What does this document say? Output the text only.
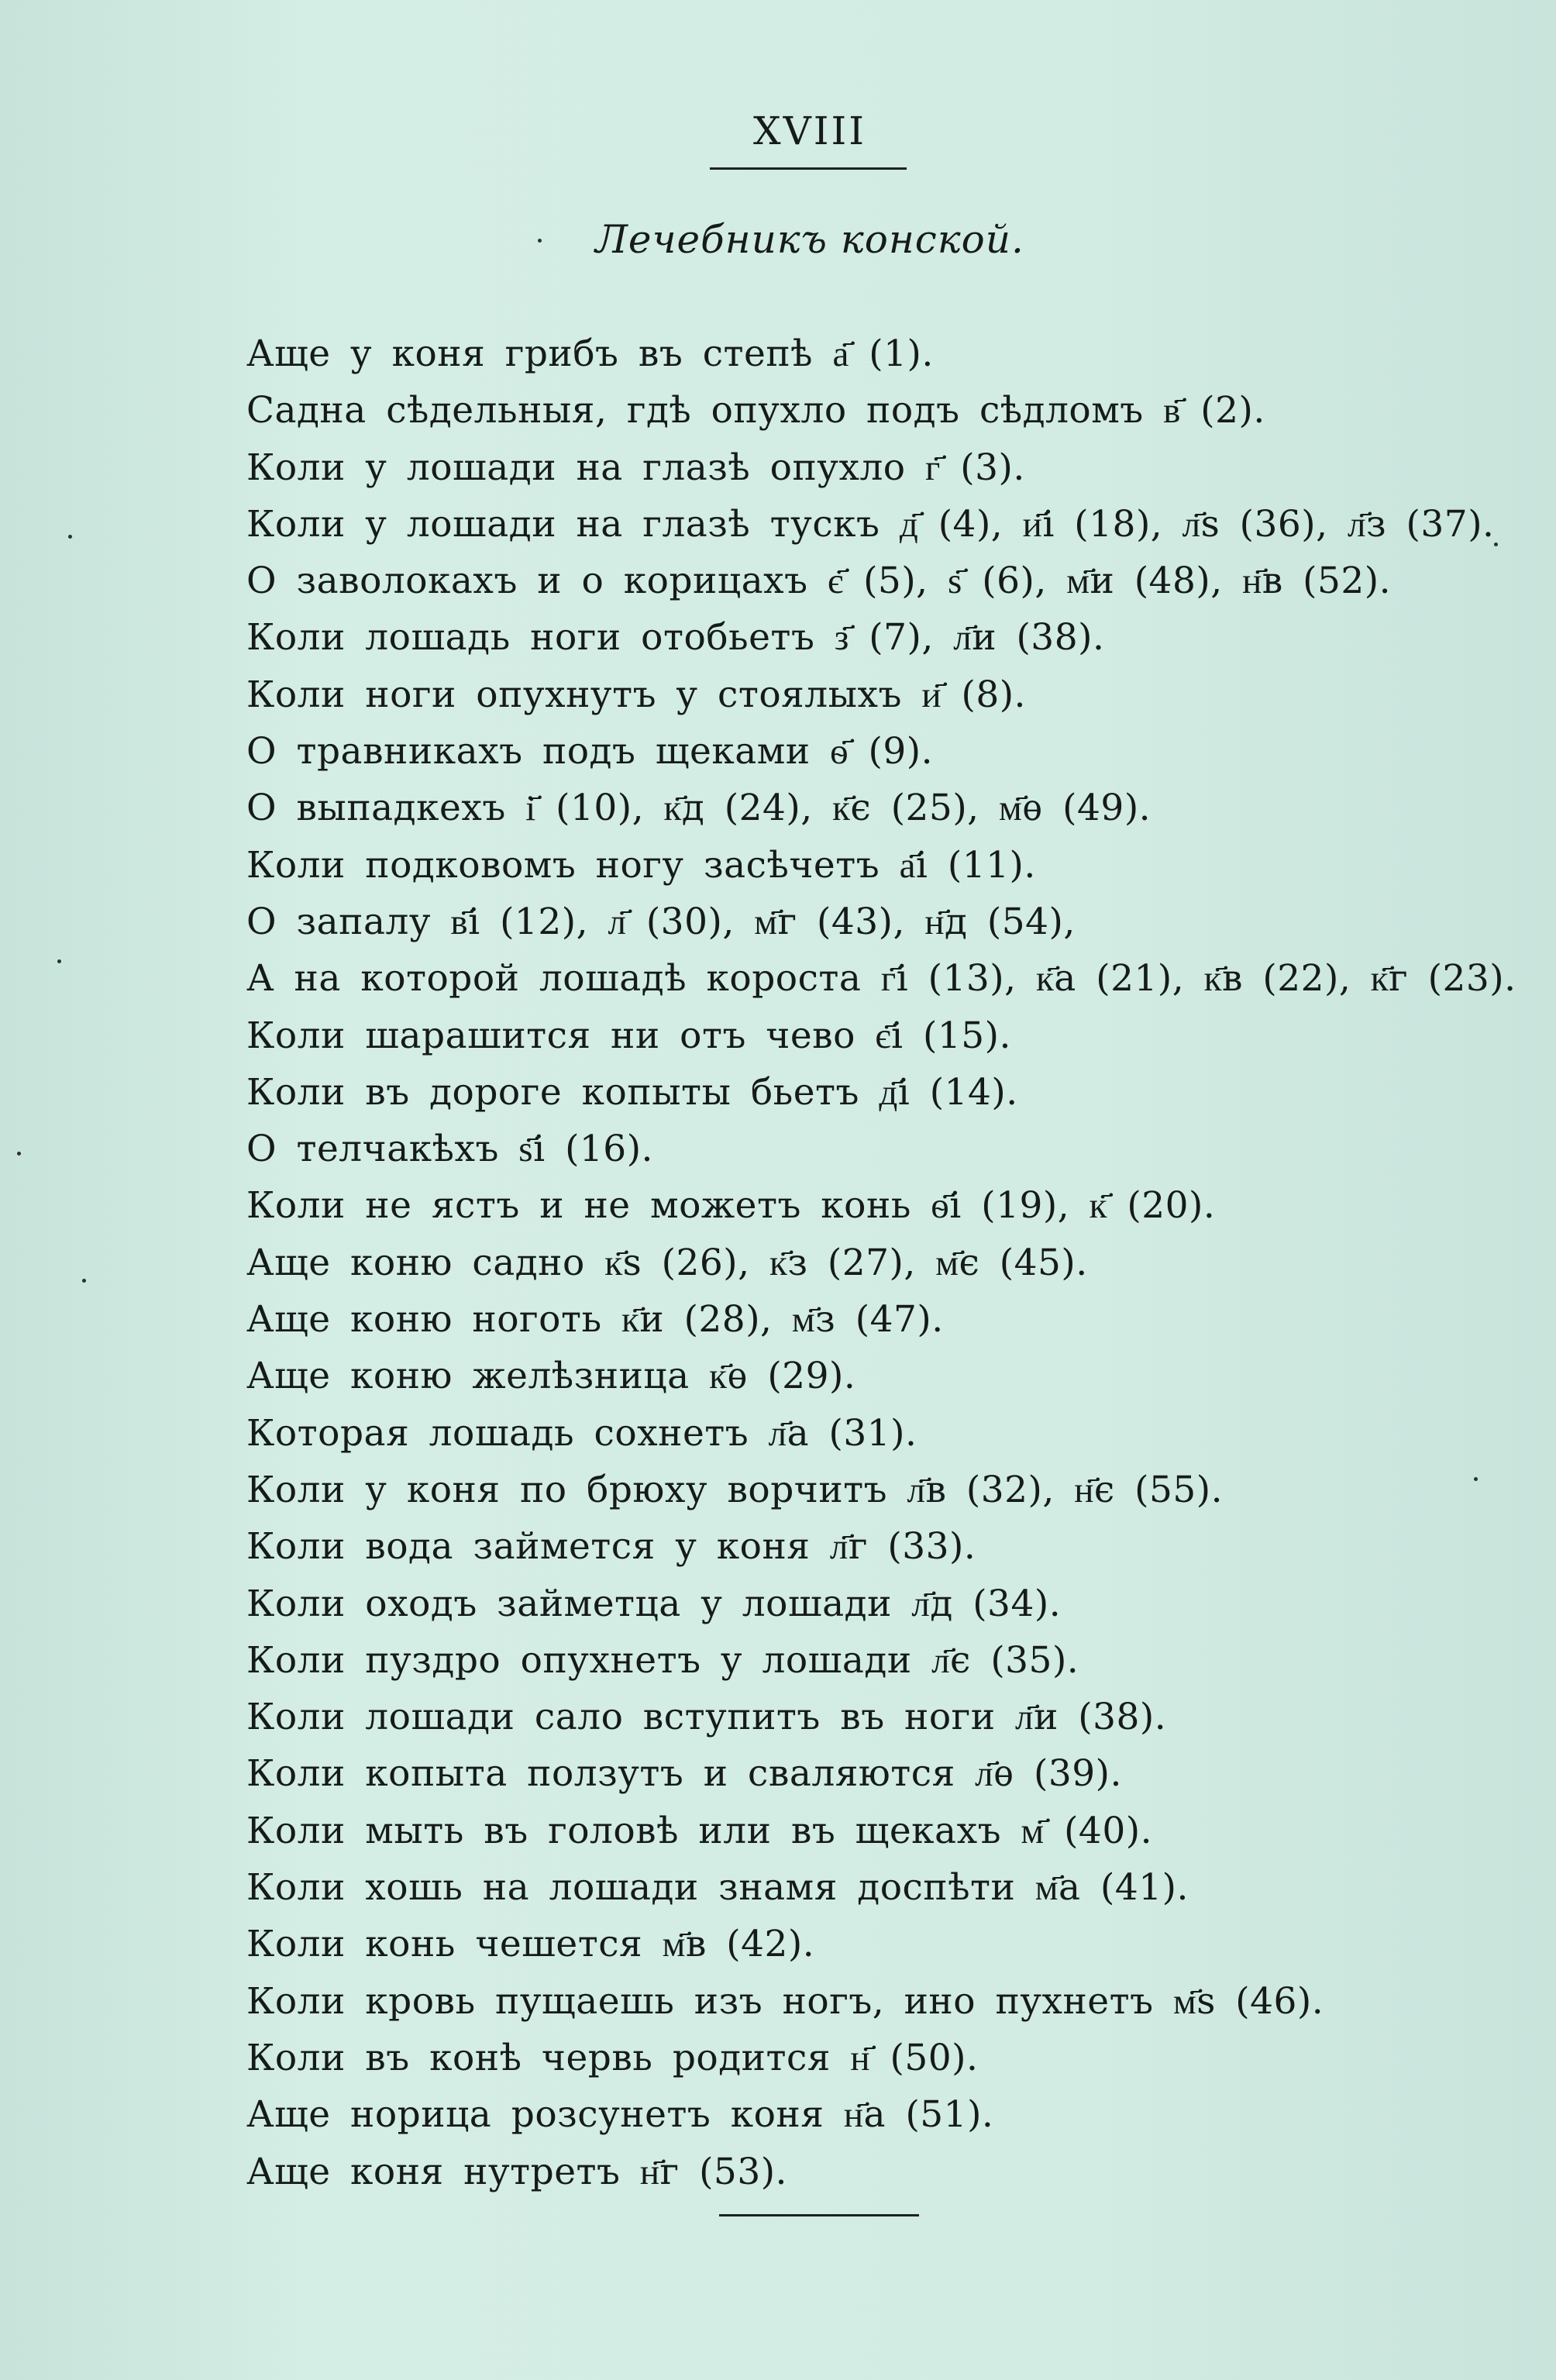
XVIII
Лечебникъ конской.
Аще у коня грибъ въ степѣ а҃ (1).
Садна сѣдельныя, гдѣ опухло подъ сѣдломъ в҃ (2).
Коли у лошади на глазѣ опухло г҃ (3).
Коли у лошади на глазѣ тускъ д҃ (4), и҃і (18), л҃ѕ (36), л҃з (37).
О заволокахъ и о корицахъ є҃ (5), ѕ҃ (6), м҃и (48), н҃в (52).
Коли лошадь ноги отобьетъ з҃ (7), л҃и (38).
Коли ноги опухнутъ у стоялыхъ и҃ (8).
О травникахъ подъ щеками ѳ҃ (9).
О выпадкехъ і҃ (10), к҃д (24), к҃є (25), м҃ѳ (49).
Коли подковомъ ногу засѣчетъ а҃і (11).
О запалу в҃і (12), л҃ (30), м҃г (43), н҃д (54),
А на которой лошадѣ короста г҃і (13), к҃а (21), к҃в (22), к҃г (23).
Коли шарашится ни отъ чево є҃і (15).
Коли въ дороге копыты бьетъ д҃і (14).
О телчакѣхъ ѕ҃і (16).
Коли не ястъ и не можетъ конь ѳ҃і (19), к҃ (20).
Аще коню садно к҃ѕ (26), к҃з (27), м҃є (45).
Аще коню ноготь к҃и (28), м҃з (47).
Аще коню желѣзница к҃ѳ (29).
Которая лошадь сохнетъ л҃а (31).
Коли у коня по брюху ворчитъ л҃в (32), н҃є (55).
Коли вода займется у коня л҃г (33).
Коли оходъ займетца у лошади л҃д (34).
Коли пуздро опухнетъ у лошади л҃є (35).
Коли лошади сало вступитъ въ ноги л҃и (38).
Коли копыта ползутъ и сваляются л҃ѳ (39).
Коли мыть въ головѣ или въ щекахъ м҃ (40).
Коли хошь на лошади знамя доспѣти м҃а (41).
Коли конь чешется м҃в (42).
Коли кровь пущаешь изъ ногъ, ино пухнетъ м҃ѕ (46).
Коли въ конѣ червь родится н҃ (50).
Аще норица розсунетъ коня н҃а (51).
Аще коня нутретъ н҃г (53).
